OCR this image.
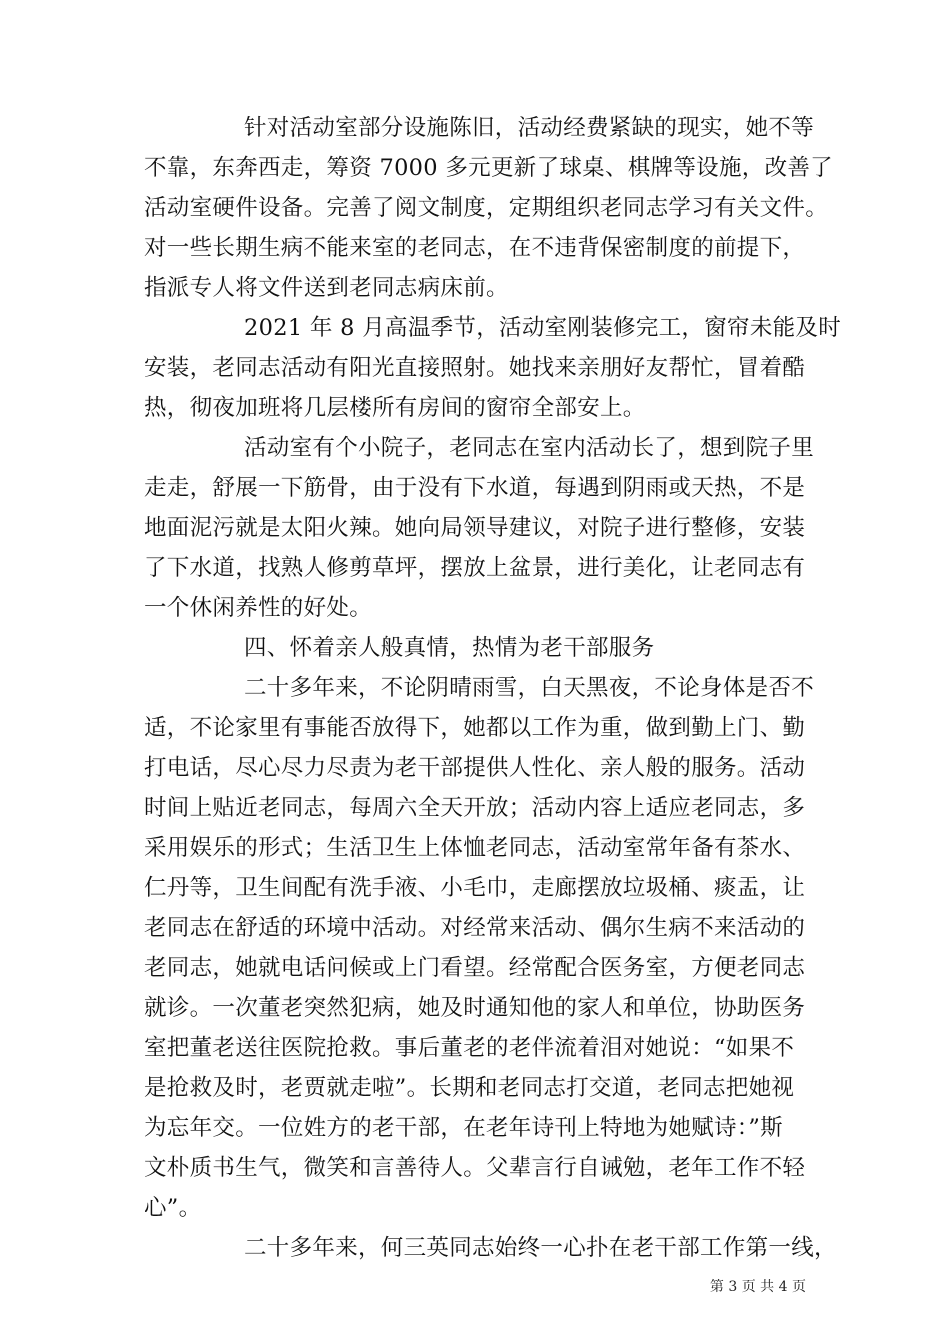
针对活动室部分设施陈旧，活动经费紧缺的现实，她不等
不靠，东奔西走，筹资 7000 多元更新了球桌、棋牌等设施，改善了
活动室硬件设备。完善了阅文制度，定期组织老同志学习有关文件。
对一些长期生病不能来室的老同志，在不违背保密制度的前提下，
指派专人将文件送到老同志病床前。
2021 年 8 月高温季节，活动室刚装修完工，窗帘未能及时
安装，老同志活动有阳光直接照射。她找来亲朋好友帮忙，冒着酷
热，彻夜加班将几层楼所有房间的窗帘全部安上。
活动室有个小院子，老同志在室内活动长了，想到院子里
走走，舒展一下筋骨，由于没有下水道，每遇到阴雨或天热，不是
地面泥污就是太阳火辣。她向局领导建议，对院子进行整修，安装
了下水道，找熟人修剪草坪，摆放上盆景，进行美化，让老同志有
一个休闲养性的好处。
四、怀着亲人般真情，热情为老干部服务
二十多年来，不论阴晴雨雪，白天黑夜，不论身体是否不
适，不论家里有事能否放得下，她都以工作为重，做到勤上门、勤
打电话，尽心尽力尽责为老干部提供人性化、亲人般的服务。活动
时间上贴近老同志，每周六全天开放；活动内容上适应老同志，多
采用娱乐的形式；生活卫生上体恤老同志，活动室常年备有茶水、
仁丹等，卫生间配有洗手液、小毛巾，走廊摆放垃圾桶、痰盂，让
老同志在舒适的环境中活动。对经常来活动、偶尔生病不来活动的
老同志，她就电话问候或上门看望。经常配合医务室，方便老同志
就诊。一次董老突然犯病，她及时通知他的家人和单位，协助医务
室把董老送往医院抢救。事后董老的老伴流着泪对她说：“如果不
是抢救及时，老贾就走啦”。长期和老同志打交道，老同志把她视
为忘年交。一位姓方的老干部，在老年诗刊上特地为她赋诗：”斯
文朴质书生气，微笑和言善待人。父辈言行自诫勉，老年工作不轻
心”。
二十多年来，何三英同志始终一心扑在老干部工作第一线，
第 3 页 共 4 页
